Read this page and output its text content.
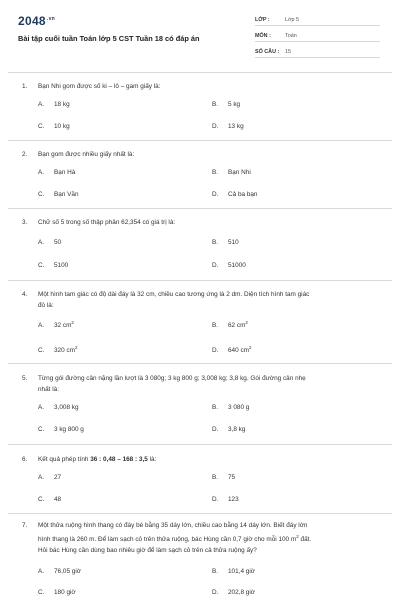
$2048^{.vn}$
Bài tập cuối tuần Toán lớp 5 CST Tuần 18 có đáp án
LỚP :	Lớp 5
MÔN :	Toán
SỐ CÂU : 15
1. Bạn Nhi gom được số ki – lô – gam giấy là:
A. 18 kg	B. 5 kg
C. 10 kg	D. 13 kg
2. Bạn gom được nhiều giấy nhất là:
A. Bạn Hà	B. Bạn Nhi
C. Bạn Văn	D. Cả ba bạn
3. Chữ số 5 trong số thập phân 62,354 có giá trị là:
A. 50	B. 510
C. 5100	D. 51000
4. Một hình tam giác có độ dài đáy là 32 cm, chiều cao tương ứng là 2 dm. Diện tích hình tam giác
đó là:
A. 32 $cm^2$	B. 62 $cm^2$
C. 320 $cm^2$	D. 640 $cm^2$
5. Từng gói đường cân nặng lần lượt là 3 080g; 3 kg 800 g; 3,008 kg; 3,8 kg. Gói đường cân nhẹ
nhất là:
A. 3,008 kg	B. 3 080 g
C. 3 kg 800 g	D. 3,8 kg
6. Kết quả phép tính 36 : 0,48 – 168 : 3,5 là:
A. 27	B. 75
C. 48	D. 123
7. Một thửa ruộng hình thang có đáy bé bằng 35 dáy lớn, chiều cao bằng 14 dáy lớn. Biết đáy lớn
hình thang là 260 m. Để làm sạch cỏ trên thửa ruộng, bác Hùng cần 0,7 giờ cho mỗi 100 $m^2$ đất.
Hỏi bác Hùng cần dùng bao nhiêu giờ để làm sạch cỏ trên cả thửa ruộng ấy?
A. 76,05 giờ	B. 101,4 giờ
C. 180 giờ	D. 202,8 giờ
